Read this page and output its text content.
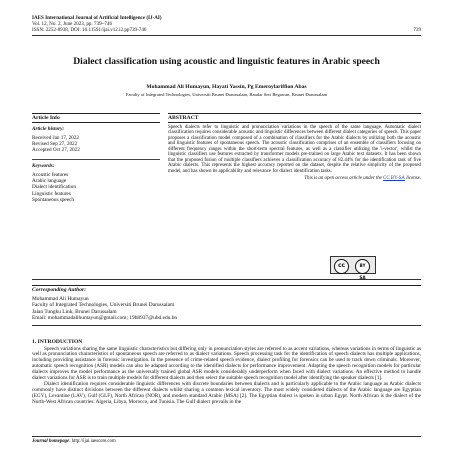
IAES International Journal of Artificial Intelligence (IJ-AI)
Vol. 12, No. 2, June 2023, pp. 739~746
ISSN: 2252-8938, DOI: 10.11591/ijai.v12.i2.pp739-746	739
Dialect classification using acoustic and linguistic features in Arabic speech
Mohammad Ali Humayun, Hayati Yassin, Pg Emeroylariffion Abas
Faculty of Integrated Technologies, Universiti Brunei Darussalam, Bandar Seri Begawan, Brunei Darussalam
Article Info
Article history:
Received Jan 17, 2022
Revised Sep 27, 2022
Accepted Oct 27, 2022
Keywords:
Acoustic features
Arabic language
Dialect identification
Linguistic features
Spontaneous speech
ABSTRACT
Speech dialects refer to linguistic and pronunciation variations in the speech of the same language. Automatic dialect classification requires considerable acoustic and linguistic differences between different dialect categories of speech. This paper proposes a classification model composed of a combination of classifiers for the Arabic dialects by utilizing both the acoustic and linguistic features of spontaneous speech. The acoustic classification comprises of an ensemble of classifiers focusing on different frequency ranges within the short-term spectral features, as well as a classifier utilizing the 'i-vector', whilst the linguistic classifiers use features extracted by transformer models pre-trained on large Arabic text datasets. It has been shown that the proposed fusion of multiple classifiers achieves a classification accuracy of 82.44% for the identification task of five Arabic dialects. This represents the highest accuracy reported on the dataset, despite the relative simplicity of the proposed model, and has shown its applicability and relevance for dialect identification tasks.
This is an open access article under the CC BY-SA license.
cc	BY SA
Corresponding Author:
Mohammad Ali Humayun
Faculty of Integrated Technologies, Universiti Brunei Darussalam
Jalan Tungku Link, Brunei Darussalam
Email: mohammadalihumayun@gmail.com; 19h8937@ubd.edu.bn
1. INTRODUCTION
Speech variations sharing the same linguistic characteristics but differing only in pronunciation styles are referred to as accent variations, whereas variations in terms of linguistic as well as pronunciation characteristics of spontaneous speech are referred to as dialect variations. Speech processing task for the identification of speech dialects has multiple applications, including providing assistance in forensic investigation. In the presence of crime-related speech evidence, dialect profiling for forensics can be used to track down criminals. Moreover, automatic speech recognition (ASR) models can also be adapted according to the identified dialects for performance improvement. Adapting the speech recognition models for particular dialects improves the model performance as the universally trained global ASR models considerably underperform when faced with dialect variations. An effective method to handle dialect variations for ASR is to train multiple models for different dialects and then select the suitable speech recognition model after identifying the speaker dialects [1].
Dialect identification requires considerable linguistic differences with discrete boundaries between dialects and is particularly applicable to the Arabic language as Arabic dialects commonly have distinct divisions between the different dialects whilst sharing a common lexical inventory. The most widely considered dialects of the Arabic language are Egyptian (EGY), Levantine (LAV), Gulf (GLF), North African (NOR), and modern standard Arabic (MSA) [2]. The Egyptian dialect is spoken in urban Egypt. North African is the dialect of the North-West African countries: Algeria, Libya, Morocco, and Tunisia. The Gulf dialect prevails in the
Journal homepage: http://ijai.iaescore.com
